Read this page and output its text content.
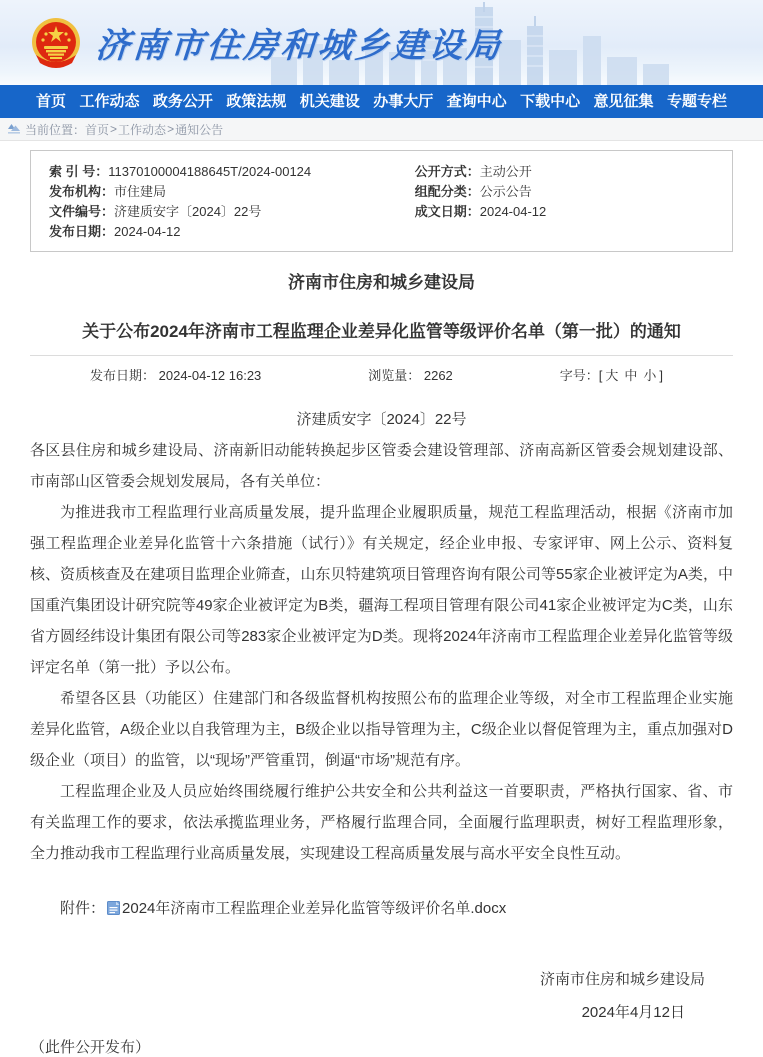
济南市住房和城乡建设局
首页 工作动态 政务公开 政策法规 机关建设 办事大厅 查询中心 下载中心 意见征集 专题专栏
当前位置： 首页 > 工作动态 > 通知公告
索 引 号：11370100004188645T/2024-00124	公开方式：主动公开
发布机构：市住建局	组配分类：公示公告
文件编号：济建质安字〔2024〕22号	成文日期：2024-04-12
发布日期：2024-04-12
济南市住房和城乡建设局
关于公布2024年济南市工程监理企业差异化监管等级评价名单（第一批）的通知
发布日期： 2024-04-12 16:23	浏览量： 2262	字号：[ 大 中 小 ]
济建质安字〔2024〕22号

各区县住房和城乡建设局、济南新旧动能转换起步区管委会建设管理部、济南高新区管委会规划建设部、市南部山区管委会规划发展局，各有关单位：

为推进我市工程监理行业高质量发展，提升监理企业履职质量，规范工程监理活动，根据《济南市加强工程监理企业差异化监管十六条措施（试行）》有关规定，经企业申报、专家评审、网上公示、资料复核、资质核查及在建项目监理企业筛查，山东贝特建筑项目管理咨询有限公司等55家企业被评定为A类，中国重汽集团设计研究院等49家企业被评定为B类，疆海工程项目管理有限公司41家企业被评定为C类，山东省方圆经纬设计集团有限公司等283家企业被评定为D类。现将2024年济南市工程监理企业差异化监管等级评定名单（第一批）予以公布。

希望各区县（功能区）住建部门和各级监督机构按照公布的监理企业等级，对全市工程监理企业实施差异化监管，A级企业以自我管理为主，B级企业以指导管理为主，C级企业以督促管理为主，重点加强对D级企业（项目）的监管，以“现场”严管重罚，倒逼“市场”规范有序。

工程监理企业及人员应始终围绕履行维护公共安全和公共利益这一首要职责，严格执行国家、省、市有关监理工作的要求，依法承揽监理业务，严格履行监理合同，全面履行监理职责，树好工程监理形象，全力推动我市工程监理行业高质量发展，实现建设工程高质量发展与高水平安全良性互动。

附件： 2024年济南市工程监理企业差异化监管等级评价名单.docx
济南市住房和城乡建设局
2024年4月12日
（此件公开发布）
